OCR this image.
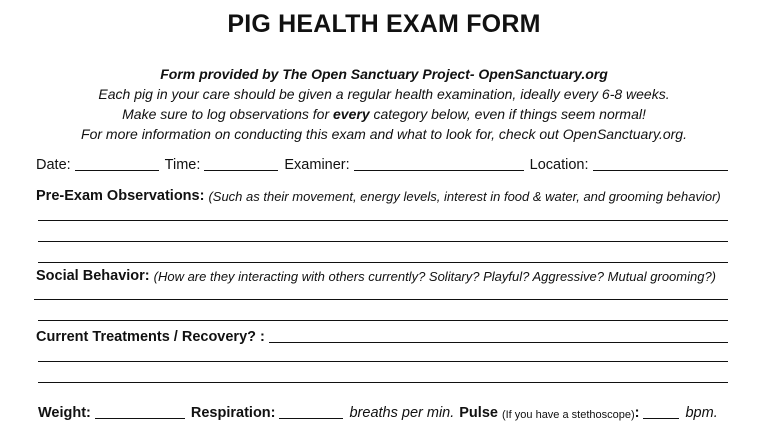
PIG HEALTH EXAM FORM
Form provided by The Open Sanctuary Project- OpenSanctuary.org
Each pig in your care should be given a regular health examination, ideally every 6-8 weeks.
Make sure to log observations for every category below, even if things seem normal!
For more information on conducting this exam and what to look for, check out OpenSanctuary.org.
Date:	Time:	Examiner:	Location:
Pre-Exam Observations: (Such as their movement, energy levels, interest in food & water, and grooming behavior)
Social Behavior: (How are they interacting with others currently? Solitary? Playful? Aggressive? Mutual grooming?)
Current Treatments / Recovery? :
Weight:	Respiration:	breaths per min. Pulse (If you have a stethoscope) :	bpm.
